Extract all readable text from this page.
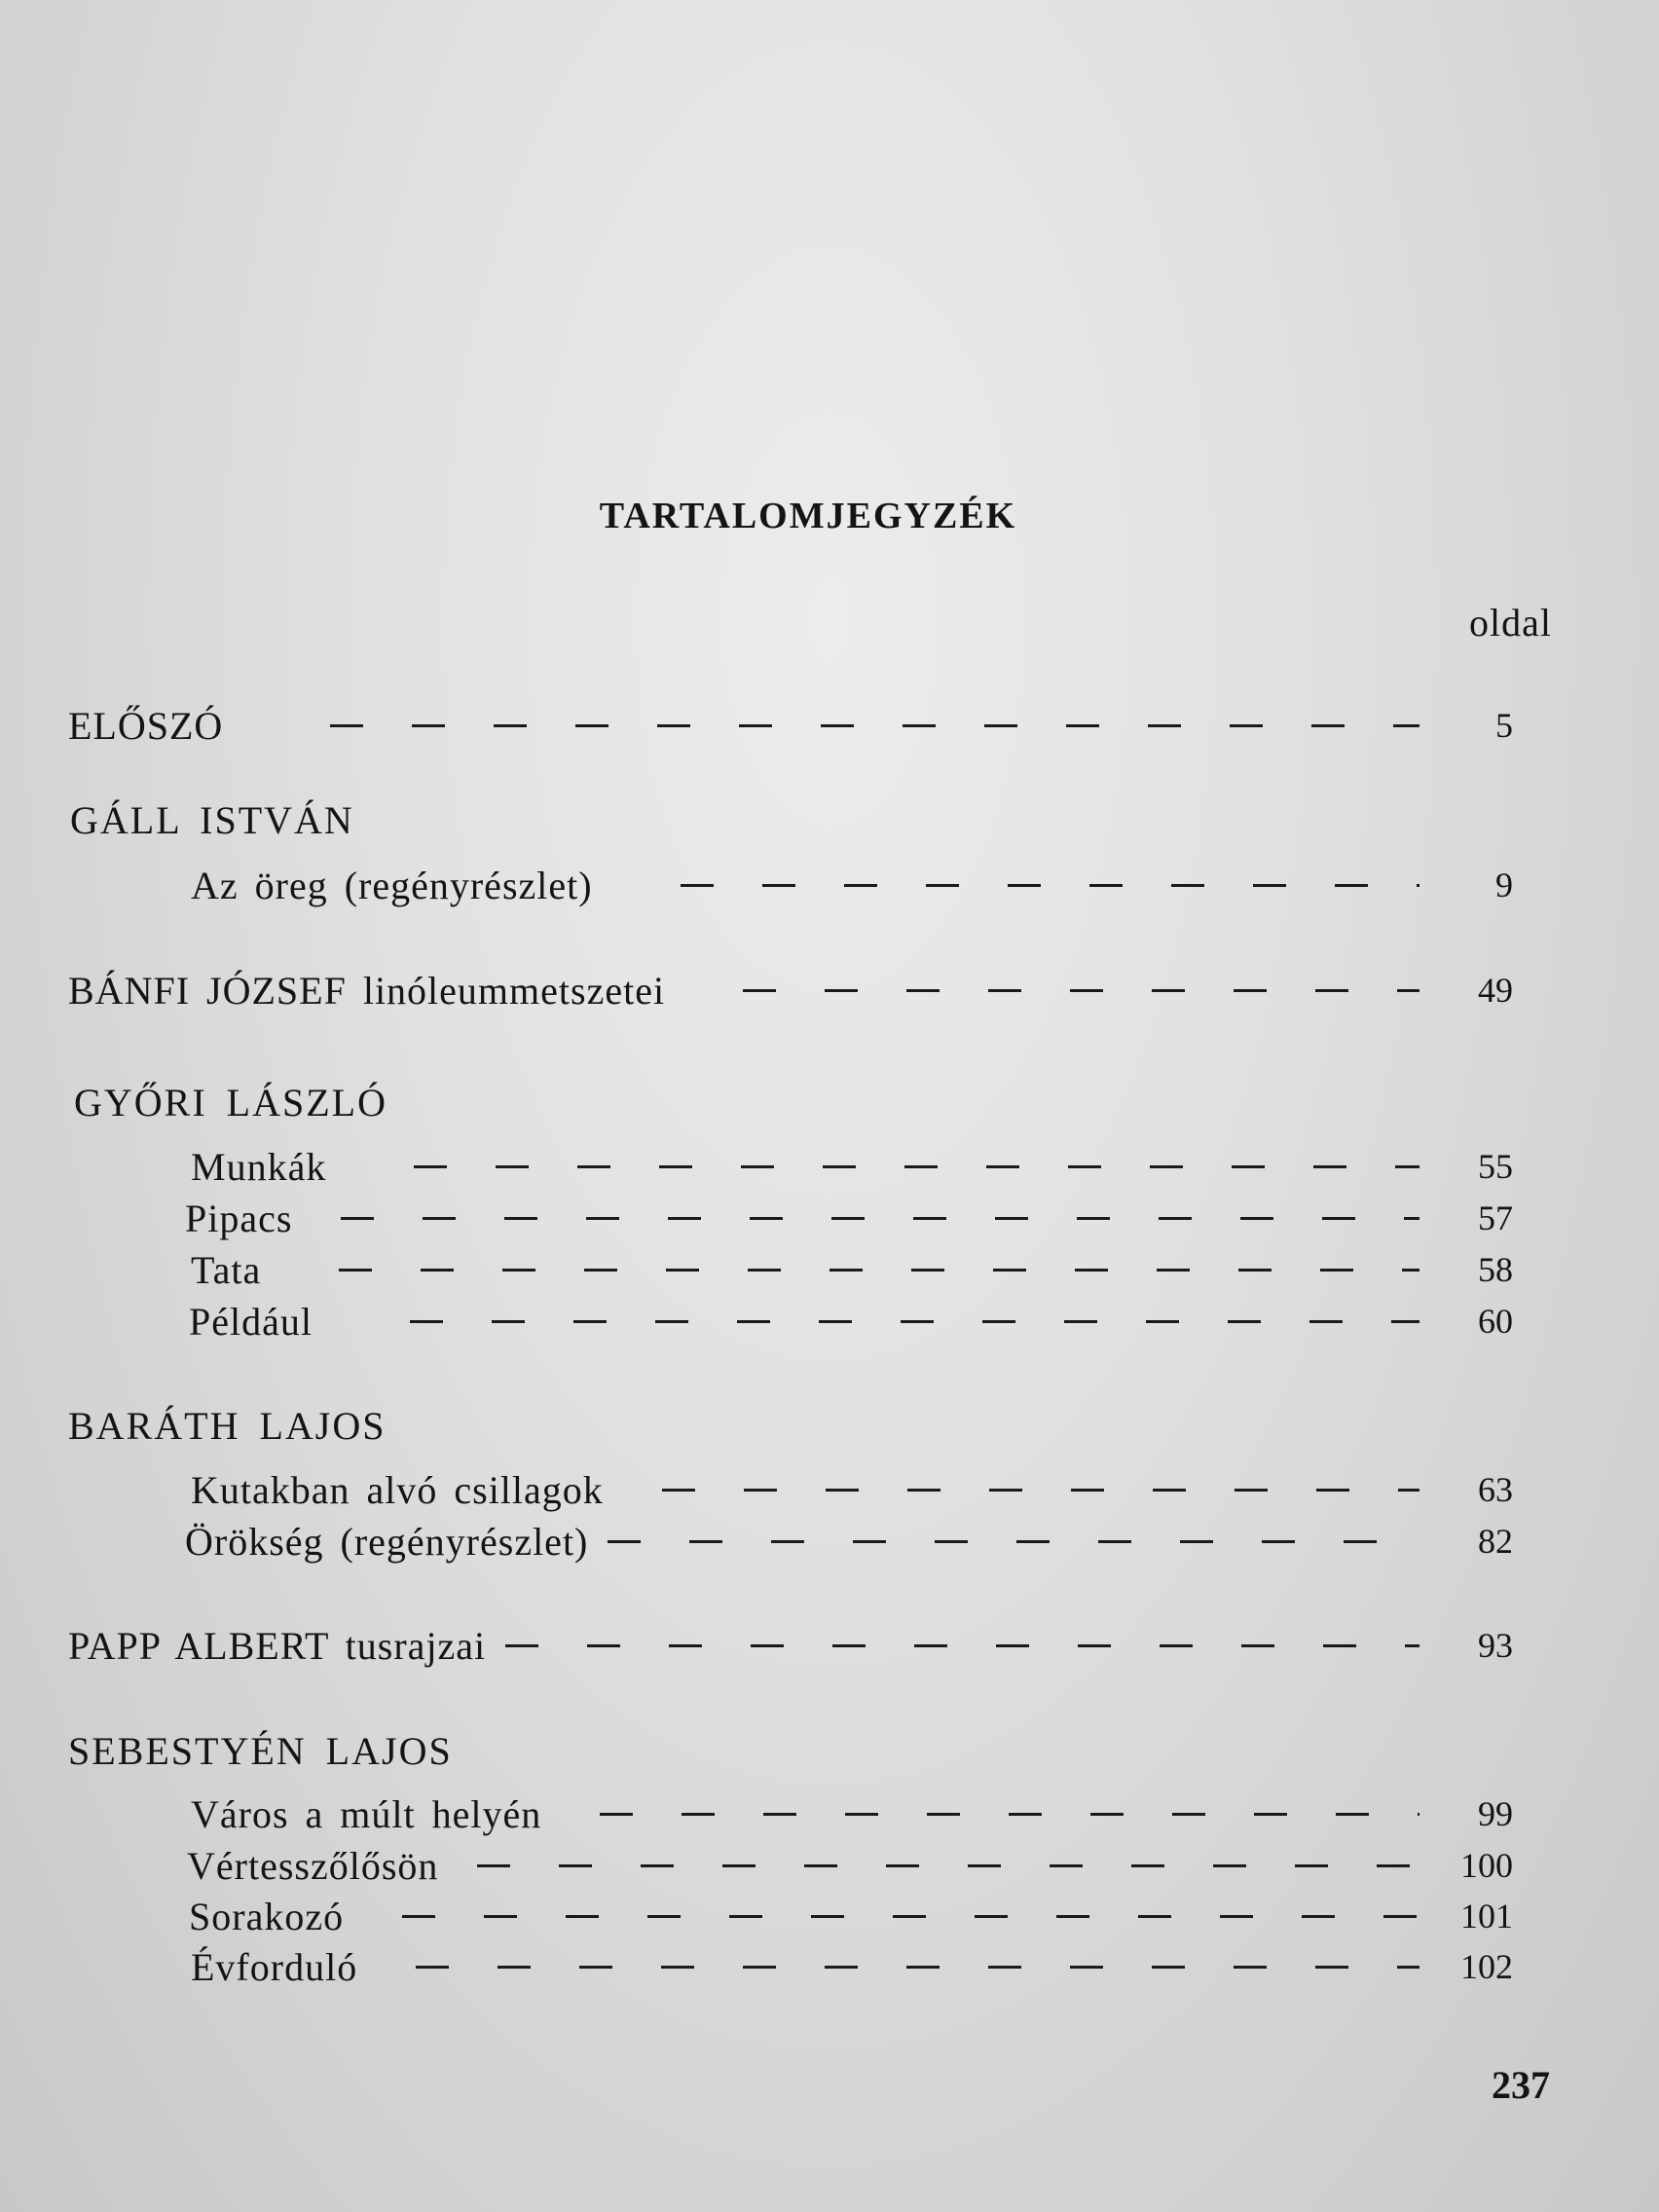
TARTALOMJEGYZÉK
oldal
ELŐSZÓ	5
GÁLL ISTVÁN
Az öreg (regényrészlet)	9
BÁNFI JÓZSEF linóleummetszetei	49
GYŐRI LÁSZLÓ
Munkák	55
Pipacs	57
Tata	58
Például	60
BARÁTH LAJOS
Kutakban alvó csillagok	63
Örökség (regényrészlet)	82
PAPP ALBERT tusrajzai	93
SEBESTYÉN LAJOS
Város a múlt helyén	99
Vértesszőlősön	100
Sorakozó	101
Évforduló	102
237
